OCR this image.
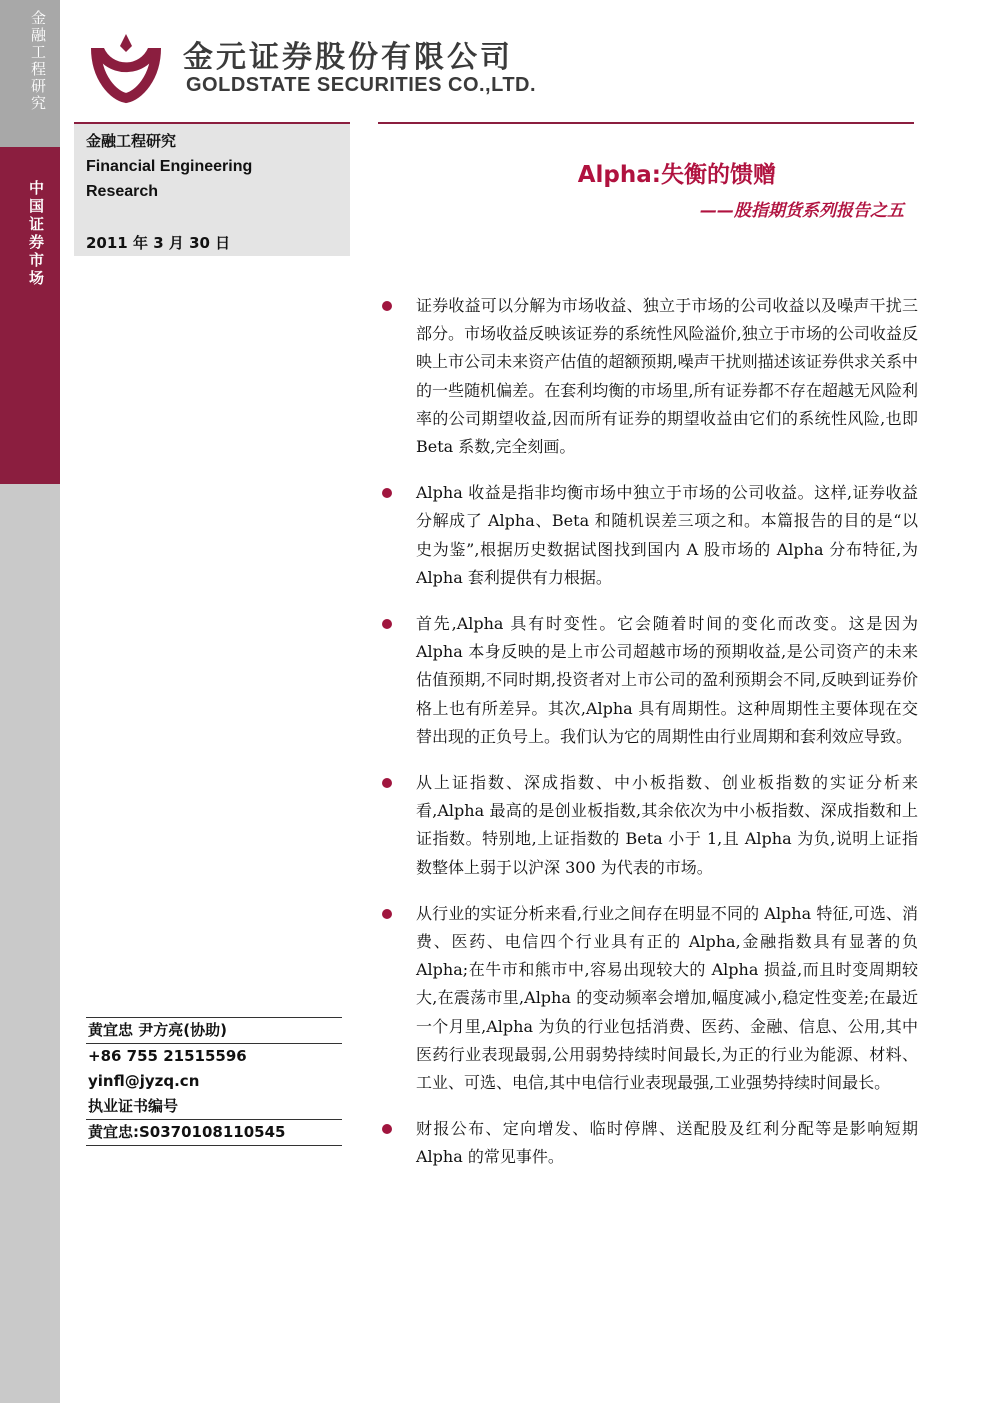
金融工程研究
中国证券市场
金元证券股份有限公司
GOLDSTATE SECURITIES CO.,LTD.
金融工程研究
Financial Engineering Research
2011 年 3 月 30 日
Alpha:失衡的馈赠
——股指期货系列报告之五
证券收益可以分解为市场收益、独立于市场的公司收益以及噪声干扰三部分。市场收益反映该证券的系统性风险溢价,独立于市场的公司收益反映上市公司未来资产估值的超额预期,噪声干扰则描述该证券供求关系中的一些随机偏差。在套利均衡的市场里,所有证券都不存在超越无风险利率的公司期望收益,因而所有证券的期望收益由它们的系统性风险,也即 Beta 系数,完全刻画。
Alpha 收益是指非均衡市场中独立于市场的公司收益。这样,证券收益分解成了 Alpha、Beta 和随机误差三项之和。本篇报告的目的是“以史为鉴”,根据历史数据试图找到国内 A 股市场的 Alpha 分布特征,为 Alpha 套利提供有力根据。
首先,Alpha 具有时变性。它会随着时间的变化而改变。这是因为 Alpha 本身反映的是上市公司超越市场的预期收益,是公司资产的未来估值预期,不同时期,投资者对上市公司的盈利预期会不同,反映到证券价格上也有所差异。其次,Alpha 具有周期性。这种周期性主要体现在交替出现的正负号上。我们认为它的周期性由行业周期和套利效应导致。
从上证指数、深成指数、中小板指数、创业板指数的实证分析来看,Alpha 最高的是创业板指数,其余依次为中小板指数、深成指数和上证指数。特别地,上证指数的 Beta 小于 1,且 Alpha 为负,说明上证指数整体上弱于以沪深 300 为代表的市场。
从行业的实证分析来看,行业之间存在明显不同的 Alpha 特征,可选、消费、医药、电信四个行业具有正的 Alpha,金融指数具有显著的负 Alpha;在牛市和熊市中,容易出现较大的 Alpha 损益,而且时变周期较大,在震荡市里,Alpha 的变动频率会增加,幅度减小,稳定性变差;在最近一个月里,Alpha 为负的行业包括消费、医药、金融、信息、公用,其中医药行业表现最弱,公用弱势持续时间最长,为正的行业为能源、材料、工业、可选、电信,其中电信行业表现最强,工业强势持续时间最长。
财报公布、定向增发、临时停牌、送配股及红利分配等是影响短期 Alpha 的常见事件。
黄宜忠 尹方亮(协助)
+86 755 21515596
yinfl@jyzq.cn
执业证书编号
黄宜忠:S0370108110545
